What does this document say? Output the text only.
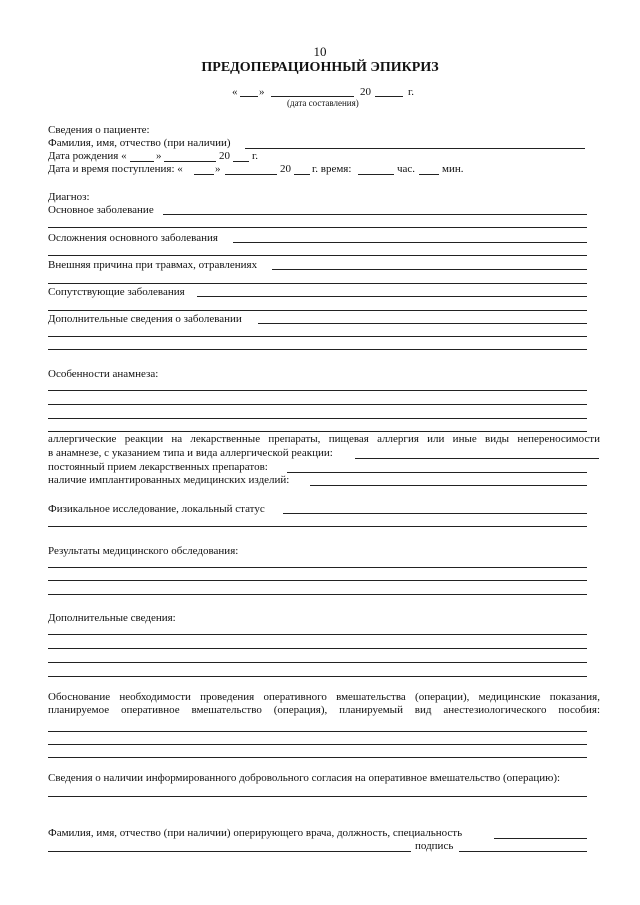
10
ПРЕДОПЕРАЦИОННЫЙ ЭПИКРИЗ
« »	20	г.
(дата составления)
Сведения о пациенте:
Фамилия, имя, отчество (при наличии)
Дата рождения «	»	20 г.
Дата и время поступления: «	»	20 г. время:	час. мин.
Диагноз:
Основное заболевание
Осложнения основного заболевания
Внешняя причина при травмах, отравлениях
Сопутствующие заболевания
Дополнительные сведения о заболевании
Особенности анамнеза:
аллергические реакции на лекарственные препараты, пищевая аллергия или иные виды непереносимости
в анамнезе, с указанием типа и вида аллергической реакции:
постоянный прием лекарственных препаратов:
наличие имплантированных медицинских изделий:
Физикальное исследование, локальный статус
Результаты медицинского обследования:
Дополнительные сведения:
Обоснование необходимости проведения оперативного вмешательства (операции), медицинские показания,
планируемое оперативное вмешательство (операция), планируемый вид анестезиологического пособия:
Сведения о наличии информированного добровольного согласия на оперативное вмешательство (операцию):
Фамилия, имя, отчество (при наличии) оперирующего врача, должность, специальность
подпись
